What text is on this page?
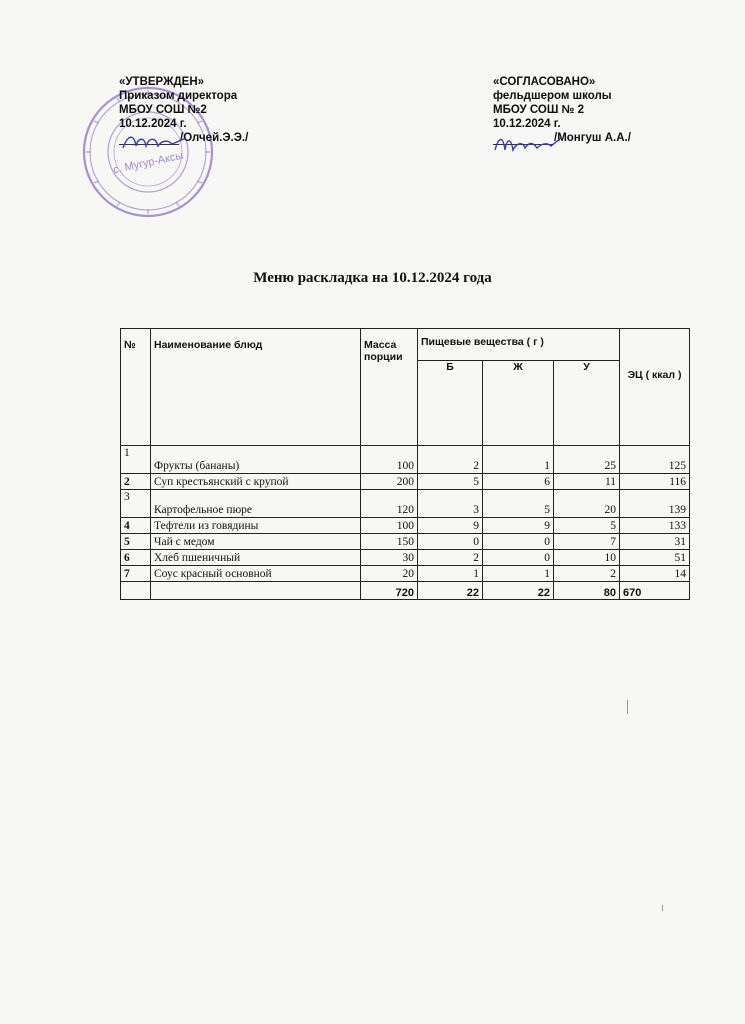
с. Мугур-Аксы
«УТВЕРЖДЕН»
Приказом директора
МБОУ СОШ №2
10.12.2024 г.
/Олчей.Э.Э./
«СОГЛАСОВАНО»
фельдшером школы
МБОУ СОШ № 2
10.12.2024 г.
/Монгуш А.А./
Меню раскладка на 10.12.2024 года
№	Наименование блюд	Масса порции	Пищевые вещества ( г )			ЭЦ ( ккал )
			Б	Ж	У	
1	Фрукты (бананы)	100	2	1	25	125
2	Суп крестьянский с крупой	200	5	6	11	116
3	Картофельное пюре	120	3	5	20	139
4	Тефтели из говядины	100	9	9	5	133
5	Чай с медом	150	0	0	7	31
6	Хлеб пшеничный	30	2	0	10	51
7	Соус красный основной	20	1	1	2	14
		720	22	22	80	670
